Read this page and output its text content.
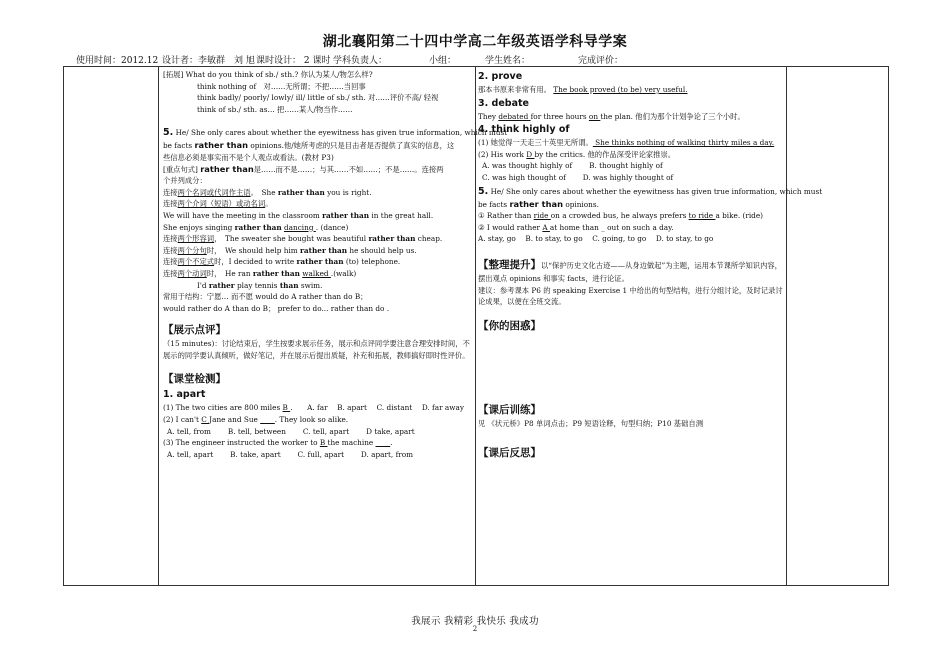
湖北襄阳第二十四中学高二年级英语学科导学案
使用时间：2012.12 设计者：李敏群　刘 旭 课时设计： 2 课时 学科负责人：	小组：	学生姓名：	完成评价：

[拓展] What do you think of sb./ sth.? 你认为某人/物怎么样?

think nothing of　对……无所谓；不把……当回事

think badly/ poorly/ lowly/ ill/ little of sb./ sth. 对……评价不高/ 轻视

think of sb./ sth. as… 把……某人/物当作……

5. He/ She only cares about whether the eyewitness has given true information, which must

be facts rather than opinions.他/她所考虑的只是目击者是否提供了真实的信息，这

些信息必须是事实而不是个人观点或看法。(教材 P3)

[重点句式] rather than是……而不是……；与其……不如……；不是……。连接两

个并列成分：

连接两个名词或代词作主语。　She rather than you is right.

连接两个介词（短语）或动名词。

We will have the meeting in the classroom rather than in the great hall.

She enjoys singing rather than dancing . (dance)

连接两个形容词，　The sweater she bought was beautiful rather than cheap.

连接两个分句时，　We should help him rather than he should help us.

连接两个不定式时，I decided to write rather than (to) telephone.

连接两个动词时，　He ran rather than walked .(walk)

I'd rather play tennis than swim.

常用于结构：宁愿… 而不愿 would do A rather than do B；

would rather do A than do B； prefer to do... rather than do .

【展示点评】

（15 minutes)：讨论结束后，学生按要求展示任务，展示和点评同学要注意合理安排时间，不展示的同学要认真倾听，做好笔记，并在展示后提出质疑，补充和拓展，教师搞好即时性评价。

【课堂检测】

1. apart

(1) The two cities are 800 miles B .　　A. far　 B. apart　 C. distant　 D. far away

(2) I can't C Jane and Sue ____. They look so alike.

A. tell, from　　 B. tell, between　　 C. tell, apart　　 D take, apart

(3) The engineer instructed the worker to B the machine ____.

A. tell, apart　　 B. take, apart　　 C. full, apart　　 D. apart, from

2. prove

那本书原来非常有用。 The book proved (to be) very useful.

3. debate

They debated for three hours on the plan. 他们为那个计划争论了三个小时。

4. think highly of

(1) 她觉得一天走三十英里无所谓。 She thinks nothing of walking thirty miles a day.

(2) His work D by the critics. 他的作品深受评论家推崇。

A. was thought highly of　　 B. thought highly of

C. was high thought of　　 D. was highly thought of

5. He/ She only cares about whether the eyewitness has given true information, which must

be facts rather than opinions.

① Rather than ride on a crowded bus, he always prefers to ride a bike. (ride)

② I would rather A at home than _ out on such a day.

A. stay, go　 B. to stay, to go　 C. going, to go　 D. to stay, to go

【整理提升】以“保护历史文化古迹——从身边做起”为主题，运用本节课所学知识内容，摆出观点 opinions 和事实 facts，进行论证。

建议：参考课本 P6 的 speaking Exercise 1 中给出的句型结构，进行分组讨论，及时记录讨论成果，以便在全班交流。

【你的困惑】

【课后训练】

见 《状元桥》P8 单词点击；P9 短语诠释，句型归纳；P10 基础自测

【课后反思】

我展示 我精彩 我快乐 我成功
2
